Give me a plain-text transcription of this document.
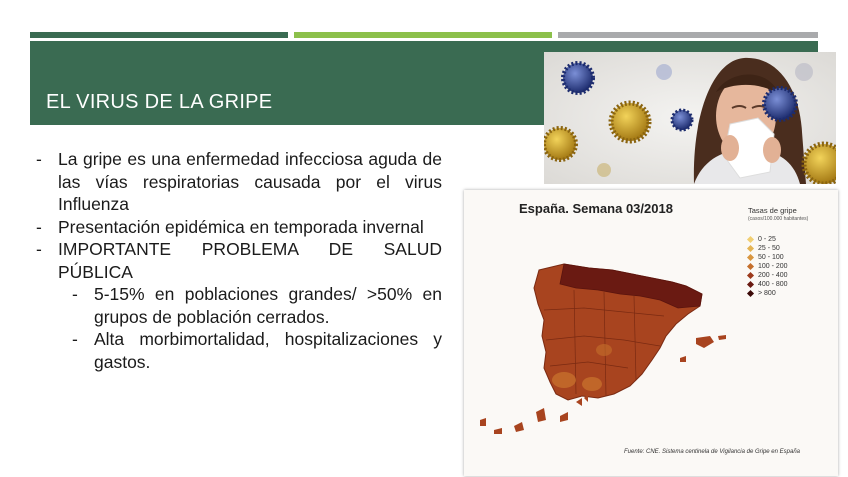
EL VIRUS DE LA GRIPE
- La gripe es una enfermedad infecciosa aguda de las vías respiratorias causada por el virus Influenza
- Presentación epidémica en temporada invernal
- IMPORTANTE PROBLEMA DE SALUD PÚBLICA
- 5-15% en poblaciones grandes/ >50% en grupos de población cerrados.
- Alta morbimortalidad, hospitalizaciones y gastos.
España. Semana 03/2018	Tasas de gripe
(casos/100.000 habitantes)
0 - 25
25 - 50
50 - 100
100 - 200
200 - 400
400 - 800
> 800
Fuente: CNE. Sistema centinela de Vigilancia de Gripe en España
